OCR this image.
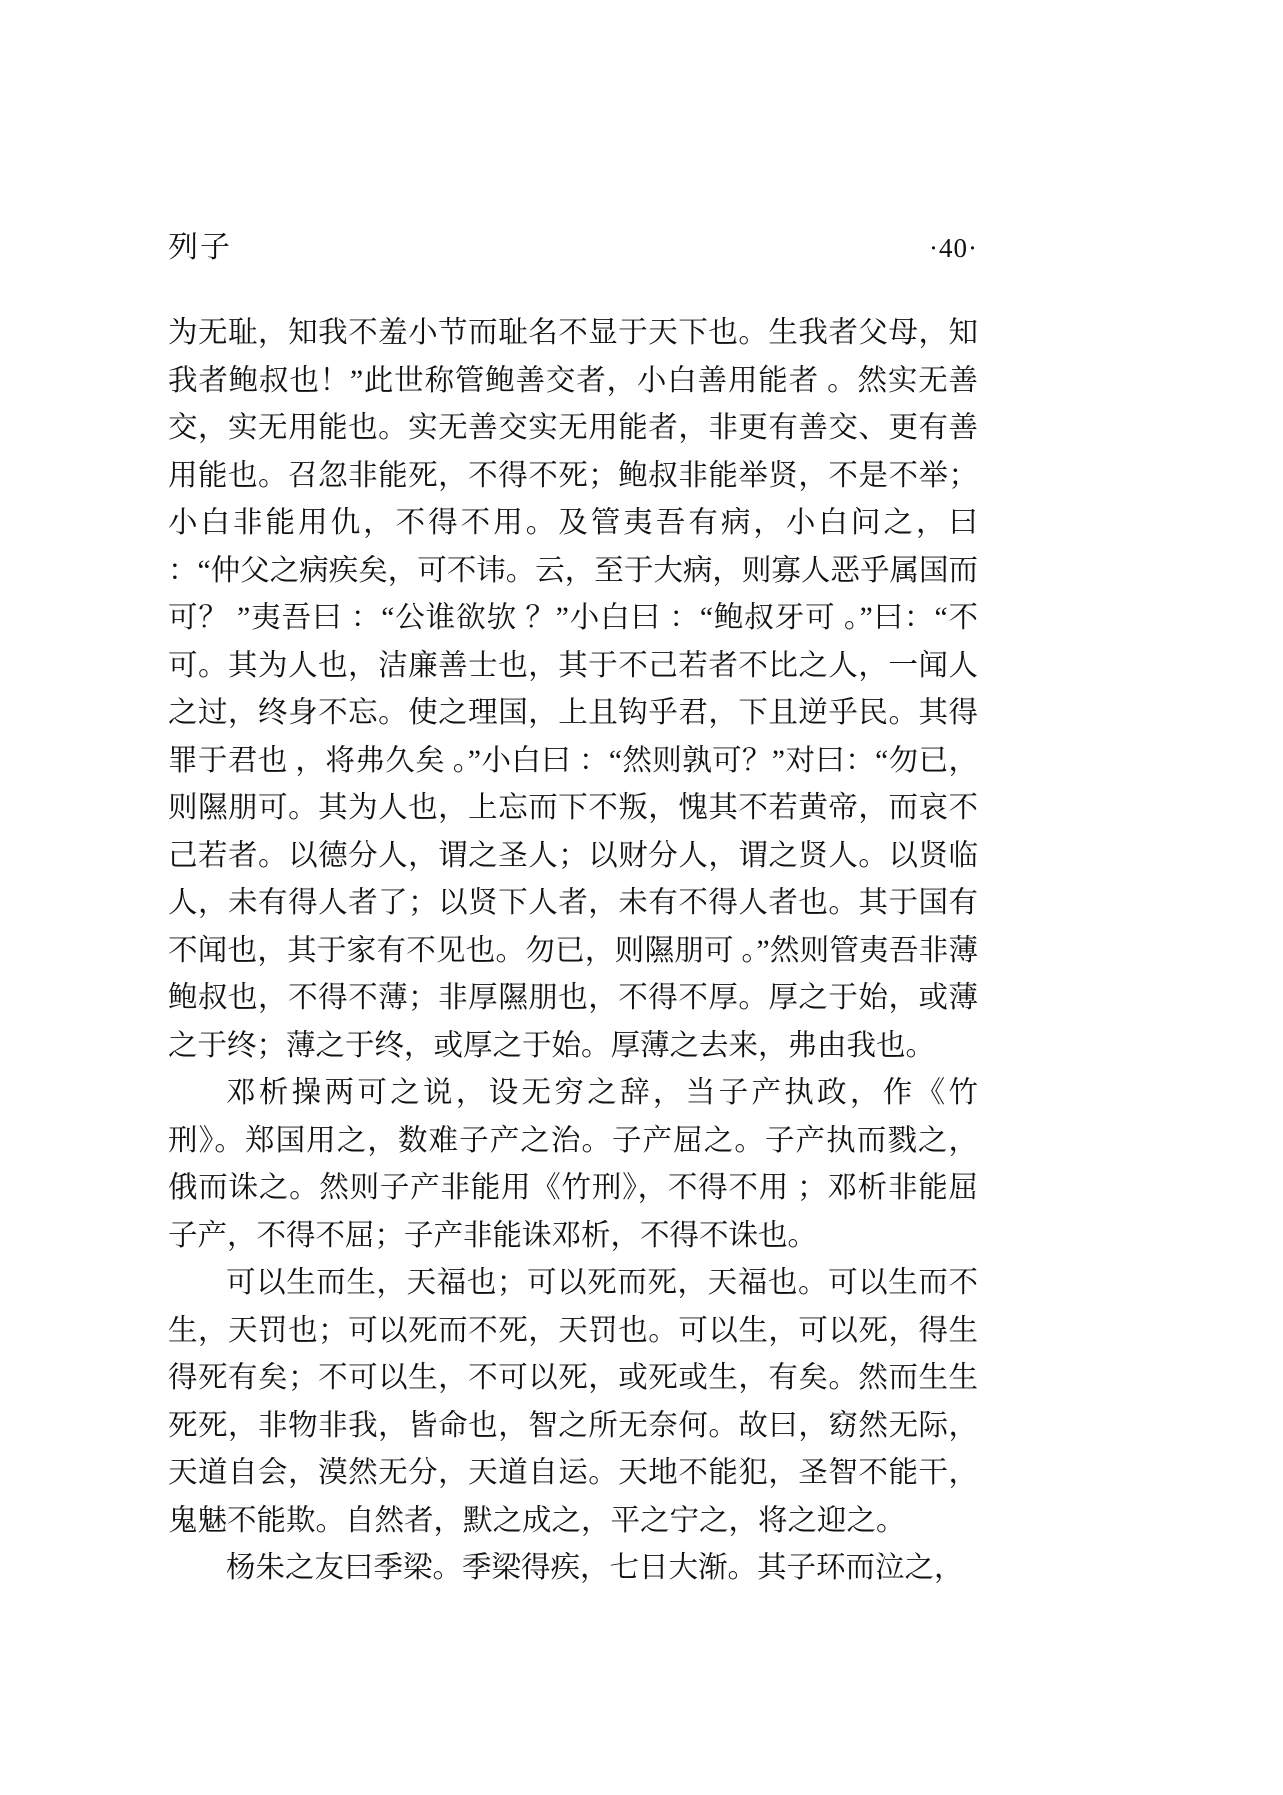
列子	·40·

为无耻，知我不羞小节而耻名不显于天下也。生我者父母，知我者鲍叔也！”此世称管鲍善交者，小白善用能者 。然实无善交，实无用能也。实无善交实无用能者，非更有善交、更有善用能也。召忽非能死，不得不死；鲍叔非能举贤，不是不举；小白非能用仇，不得不用。及管夷吾有病，小白问之，曰 ：“仲父之病疾矣，可不讳。云，至于大病，则寡人恶乎属国而可？ ”夷吾曰 ：“公谁欲欤 ？”小白曰 ：“鲍叔牙可 。”曰：“不可。其为人也，洁廉善士也，其于不己若者不比之人，一闻人之过，终身不忘。使之理国，上且钩乎君，下且逆乎民。其得罪于君也 ，将弗久矣 。”小白曰 ：“然则孰可？”对曰：“勿已，则隰朋可。其为人也，上忘而下不叛，愧其不若黄帝，而哀不己若者。以德分人，谓之圣人；以财分人，谓之贤人。以贤临人，未有得人者了；以贤下人者，未有不得人者也。其于国有不闻也，其于家有不见也。勿已，则隰朋可 。”然则管夷吾非薄鲍叔也，不得不薄；非厚隰朋也，不得不厚。厚之于始，或薄之于终；薄之于终，或厚之于始。厚薄之去来，弗由我也。

邓析操两可之说，设无穷之辞，当子产执政，作《竹刑》。郑国用之，数难子产之治。子产屈之。子产执而戮之，俄而诛之。然则子产非能用《竹刑》，不得不用 ；邓析非能屈子产，不得不屈；子产非能诛邓析，不得不诛也。

可以生而生，天福也；可以死而死，天福也。可以生而不生，天罚也；可以死而不死，天罚也。可以生，可以死，得生得死有矣；不可以生，不可以死，或死或生，有矣。然而生生死死，非物非我，皆命也，智之所无奈何。故曰，窈然无际，天道自会，漠然无分，天道自运。天地不能犯，圣智不能干，鬼魅不能欺。自然者，默之成之，平之宁之，将之迎之。

杨朱之友曰季梁。季梁得疾，七日大渐。其子环而泣之，
